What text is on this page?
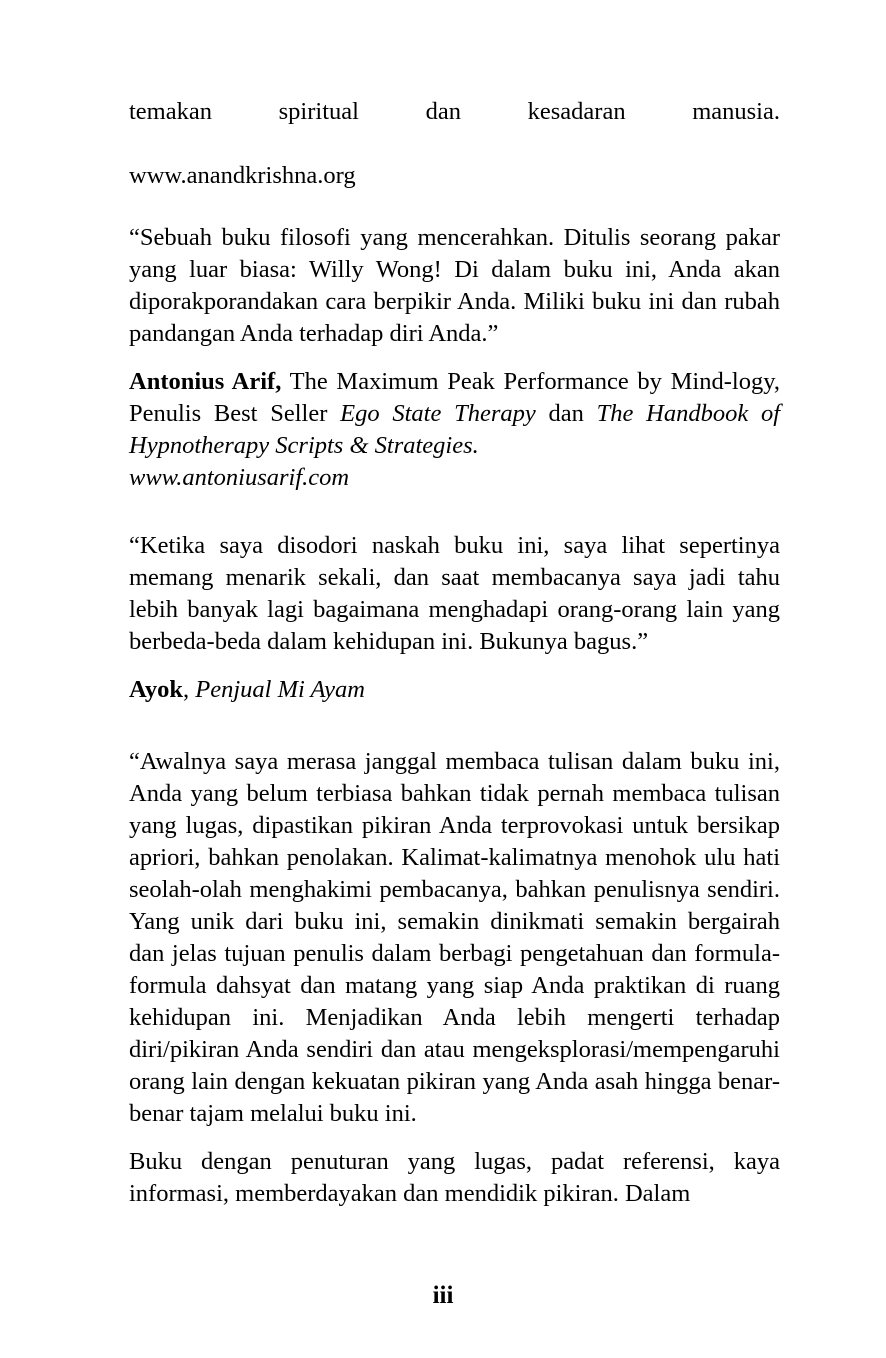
temakan spiritual dan kesadaran manusia.

www.anandkrishna.org

“Sebuah buku filosofi yang mencerahkan. Ditulis seorang pakar yang luar biasa: Willy Wong! Di dalam buku ini, Anda akan diporakporandakan cara berpikir Anda. Miliki buku ini dan rubah pandangan Anda terhadap diri Anda.”

Antonius Arif, The Maximum Peak Performance by Mind-logy, Penulis Best Seller Ego State Therapy dan The Handbook of Hypnotherapy Scripts & Strategies.

www.antoniusarif.com

“Ketika saya disodori naskah buku ini, saya lihat sepertinya memang menarik sekali, dan saat membacanya saya jadi tahu lebih banyak lagi bagaimana menghadapi orang-orang lain yang berbeda-beda dalam kehidupan ini. Bukunya bagus.”

Ayok, Penjual Mi Ayam

“Awalnya saya merasa janggal membaca tulisan dalam buku ini, Anda yang belum terbiasa bahkan tidak pernah membaca tulisan yang lugas, dipastikan pikiran Anda terprovokasi untuk bersikap apriori, bahkan penolakan. Kalimat-kalimatnya menohok ulu hati seolah-olah menghakimi pembacanya, bahkan penulisnya sendiri. Yang unik dari buku ini, semakin dinikmati semakin bergairah dan jelas tujuan penulis dalam berbagi pengetahuan dan formula-formula dahsyat dan matang yang siap Anda praktikan di ruang kehidupan ini. Menjadikan Anda lebih mengerti terhadap diri/pikiran Anda sendiri dan atau mengeksplorasi/mempengaruhi orang lain dengan kekuatan pikiran yang Anda asah hingga benar-benar tajam melalui buku ini.

Buku dengan penuturan yang lugas, padat referensi, kaya informasi, memberdayakan dan mendidik pikiran. Dalam

iii
